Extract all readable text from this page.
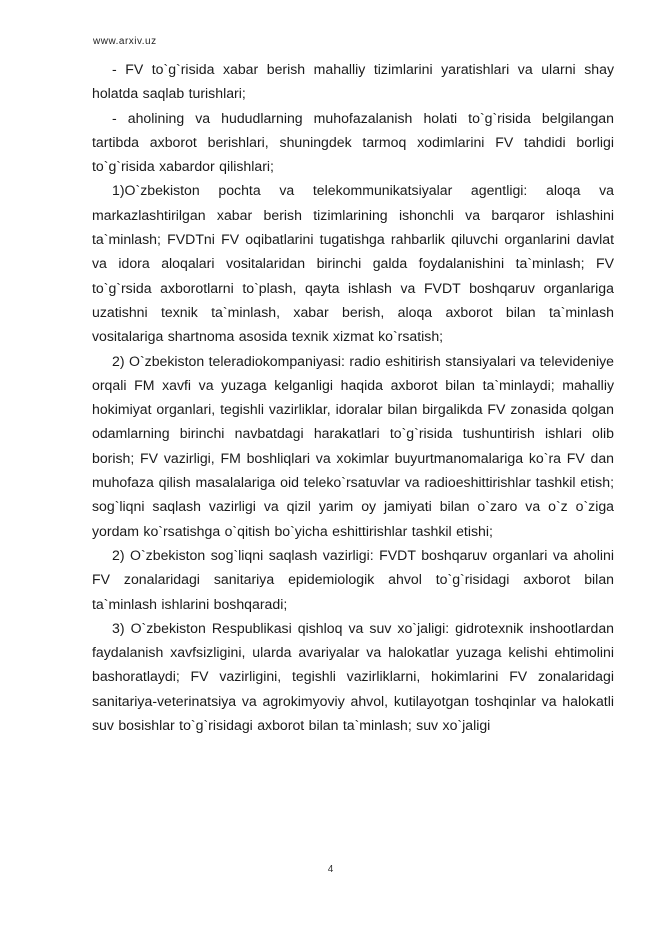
www.arxiv.uz

- FV to`g`risida xabar berish mahalliy tizimlarini yaratishlari va ularni shay holatda saqlab turishlari;

- aholining va hududlarning muhofazalanish holati to`g`risida belgilangan tartibda axborot berishlari, shuningdek tarmoq xodimlarini FV tahdidi borligi to`g`risida xabardor qilishlari;

1)O`zbekiston pochta va telekommunikatsiyalar agentligi: aloqa va markazlashtirilgan xabar berish tizimlarining ishonchli va barqaror ishlashini ta`minlash; FVDTni FV oqibatlarini tugatishga rahbarlik qiluvchi organlarini davlat va idora aloqalari vositalaridan birinchi galda foydalanishini ta`minlash; FV to`g`rsida axborotlarni to`plash, qayta ishlash va FVDT boshqaruv organlariga uzatishni texnik ta`minlash, xabar berish, aloqa axborot bilan ta`minlash vositalariga shartnoma asosida texnik xizmat ko`rsatish;

2) O`zbekiston teleradiokompaniyasi: radio eshitirish stansiyalari va televideniye orqali FM xavfi va yuzaga kelganligi haqida axborot bilan ta`minlaydi; mahalliy hokimiyat organlari, tegishli vazirliklar, idoralar bilan birgalikda FV zonasida qolgan odamlarning birinchi navbatdagi harakatlari to`g`risida tushuntirish ishlari olib borish; FV vazirligi, FM boshliqlari va xokimlar buyurtmanomalariga ko`ra FV dan muhofaza qilish masalalariga oid teleko`rsatuvlar va radioeshittirishlar tashkil etish; sog`liqni saqlash vazirligi va qizil yarim oy jamiyati bilan o`zaro va o`z o`ziga yordam ko`rsatishga o`qitish bo`yicha eshittirishlar tashkil etishi;

2) O`zbekiston sog`liqni saqlash vazirligi: FVDT boshqaruv organlari va aholini FV zonalaridagi sanitariya epidemiologik ahvol to`g`risidagi axborot bilan ta`minlash ishlarini boshqaradi;

3) O`zbekiston Respublikasi qishloq va suv xo`jaligi: gidrotexnik inshootlardan faydalanish xavfsizligini, ularda avariyalar va halokatlar yuzaga kelishi ehtimolini bashoratlaydi; FV vazirligini, tegishli vazirliklarni, hokimlarini FV zonalaridagi sanitariya-veterinatsiya va agrokimyoviy ahvol, kutilayotgan toshqinlar va halokatli suv bosishlar to`g`risidagi axborot bilan ta`minlash; suv xo`jaligi

4
